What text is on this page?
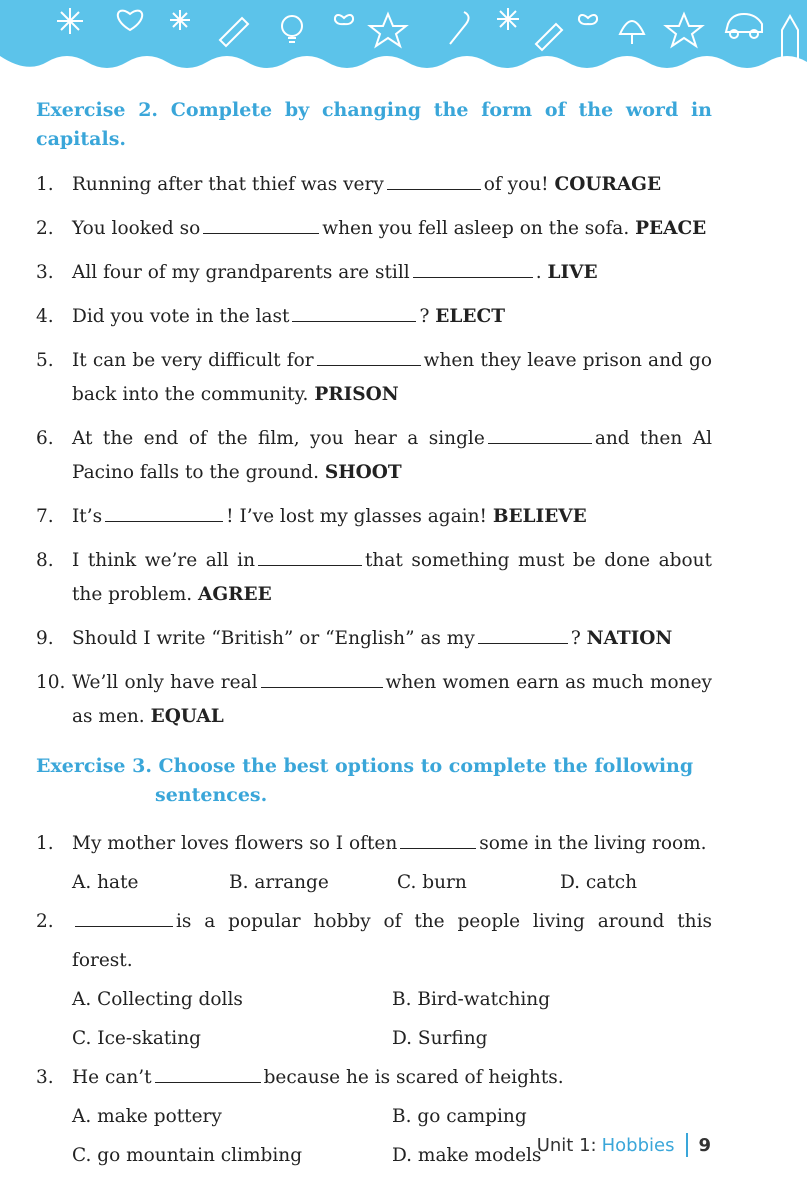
Exercise 2. Complete by changing the form of the word in capitals.
1. Running after that thief was very	of you! COURAGE
2. You looked so	when you fell asleep on the sofa. PEACE
3. All four of my grandparents are still	. LIVE
4. Did you vote in the last	? ELECT
5. It can be very difficult for	when they leave prison and go back into the community. PRISON
6. At the end of the film, you hear a single	and then Al Pacino falls to the ground. SHOOT
7. It’s	! I’ve lost my glasses again! BELIEVE
8. I think we’re all in	that something must be done about the problem. AGREE
9. Should I write “British” or “English” as my	? NATION
10. We’ll only have real	when women earn as much money as men. EQUAL
Exercise 3. Choose the best options to complete the following
sentences.
1. My mother loves flowers so I often	some in the living room.
A. hate	B. arrange	C. burn	D. catch
2.	is a popular hobby of the people living around this forest.
A. Collecting dolls	B. Bird-watching
C. Ice-skating	D. Surfing
3. He can’t	because he is scared of heights.
A. make pottery	B. go camping
C. go mountain climbing	D. make models
Unit 1: Hobbies 9
